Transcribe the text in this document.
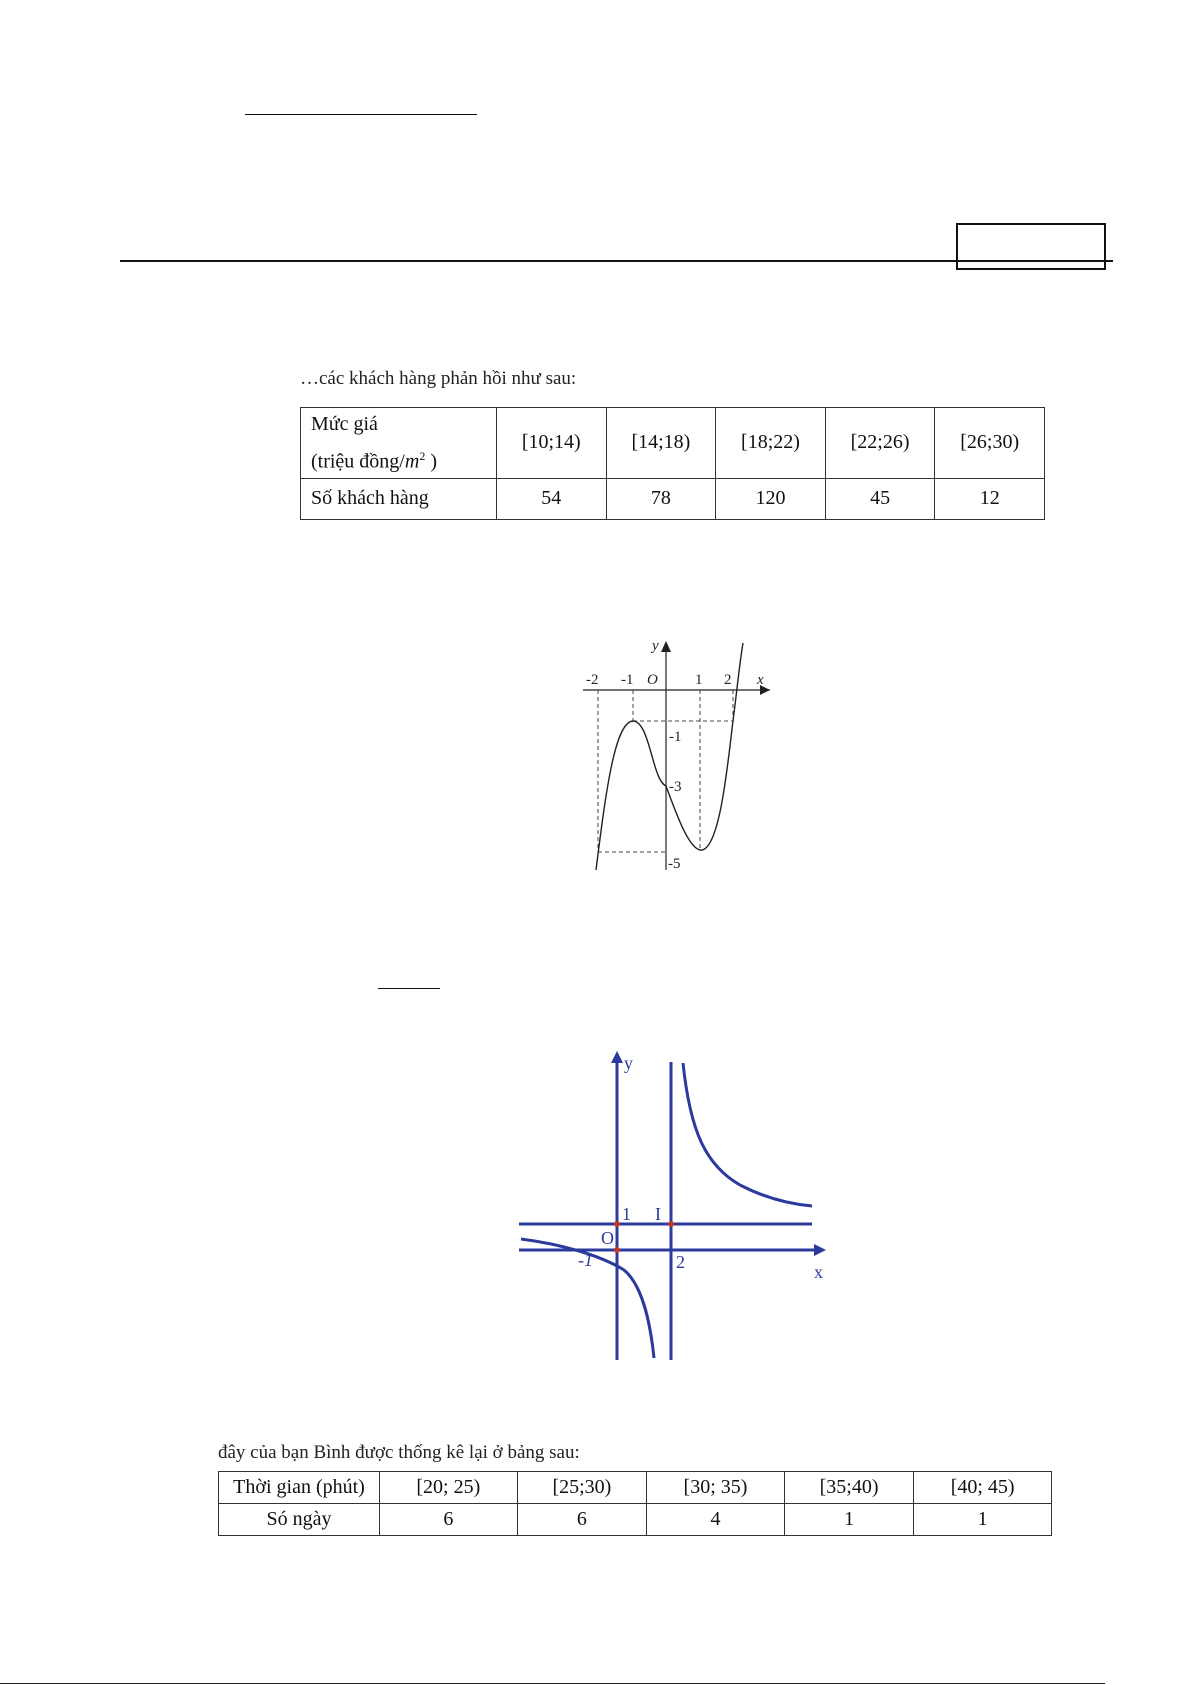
…các khách hàng phản hồi như sau:
Mức giá
(triệu đồng/$m^2$ )	[10;14)	[14;18)	[18;22)	[22;26)	[26;30)
Số khách hàng	54	78	120	45	12
y
x
O
-2 -1	1 2
-1
-3
-5
y
x
O
I
1
-1	2
đây của bạn Bình được thống kê lại ở bảng sau:
Thời gian (phút)	[20; 25)	[25;30)	[30; 35)	[35;40)	[40; 45)
Só ngày	6	6	4	1	1
